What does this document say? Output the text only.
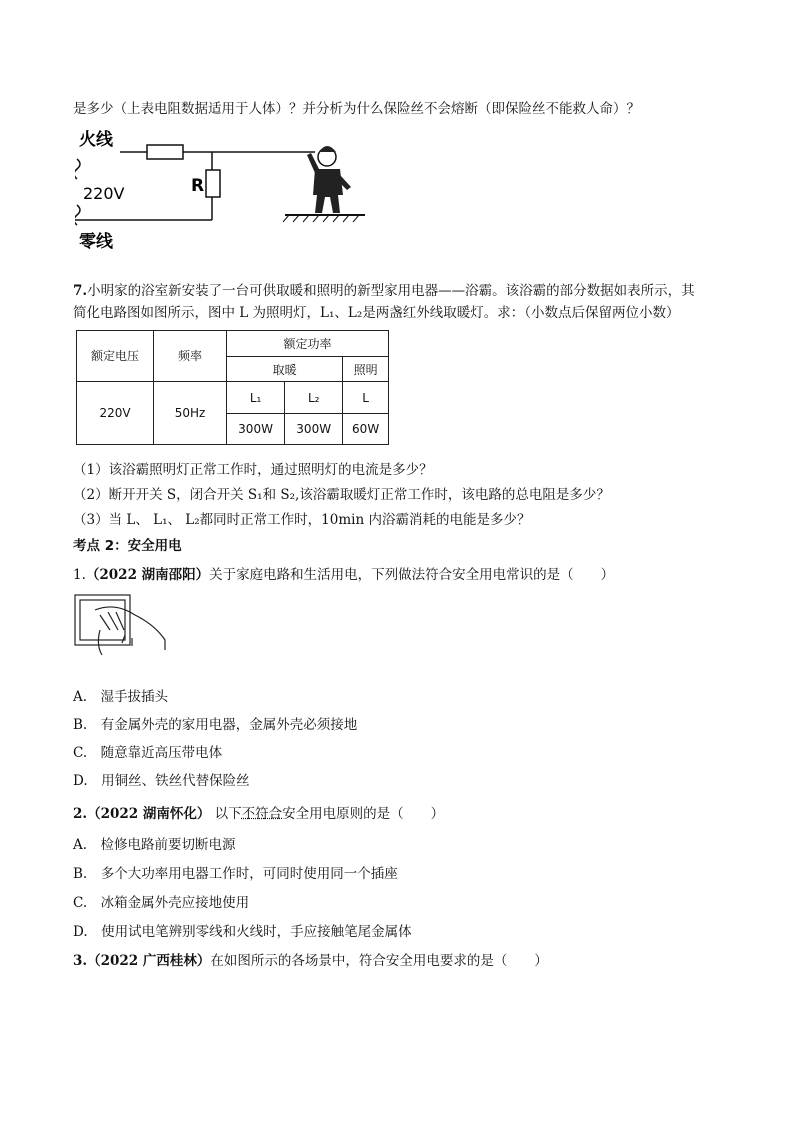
是多少（上表电阻数据适用于人体）？并分析为什么保险丝不会熔断（即保险丝不能救人命）？
火线
220V
零线
R
7.小明家的浴室新安装了一台可供取暖和照明的新型家用电器——浴霸。该浴霸的部分数据如表所示，其
简化电路图如图所示，图中 L 为照明灯，L₁、L₂是两盏红外线取暖灯。求：（小数点后保留两位小数）
额定电压	频率	额定功率		
		取暖		照明
220V	50Hz	L₁	L₂	L
		300W	300W	60W
（1）该浴霸照明灯正常工作时，通过照明灯的电流是多少？
（2）断开开关 S，闭合开关 S₁和 S₂,该浴霸取暖灯正常工作时，该电路的总电阻是多少？
（3）当 L、 L₁、 L₂都同时正常工作时，10min 内浴霸消耗的电能是多少？
考点 2：安全用电
1.（2022 湖南邵阳）关于家庭电路和生活用电，下列做法符合安全用电常识的是（　　）
A.　湿手拔插头
B.　有金属外壳的家用电器，金属外壳必须接地
C.　随意靠近高压带电体
D.　用铜丝、铁丝代替保险丝
2.（2022 湖南怀化） 以下不符合安全用电原则的是（　　）
A.　检修电路前要切断电源
B.　多个大功率用电器工作时，可同时使用同一个插座
C.　冰箱金属外壳应接地使用
D.　使用试电笔辨别零线和火线时，手应接触笔尾金属体
3.（2022 广西桂林）在如图所示的各场景中，符合安全用电要求的是（　　）
